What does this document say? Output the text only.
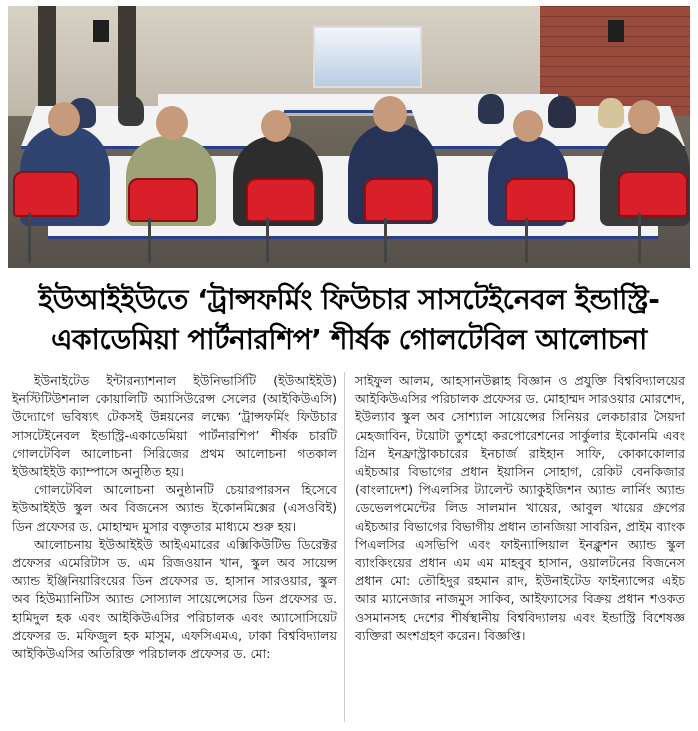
ইউআইইউতে ‘ট্রান্সফর্মিং ফিউচার সাসটেইনেবল ইন্ডাস্ট্রি-
একাডেমিয়া পার্টনারশিপ’ শীর্ষক গোলটেবিল আলোচনা

ইউনাইটেড ইন্টারন্যাশনাল ইউনিভার্সিটি (ইউআইইউ) ইনস্টিটিউশনাল কোয়ালিটি অ্যাসিউরেন্স সেলের (আইকিউএসি) উদ্যোগে ভবিষ্যৎ টেকসই উন্নয়নের লক্ষ্যে ‘ট্রান্সফর্মিং ফিউচার সাসটেইনেবল ইন্ডাস্ট্রি-একাডেমিয়া পার্টনারশিপ’ শীর্ষক চারটি গোলটেবিল আলোচনা সিরিজের প্রথম আলোচনা গতকাল ইউআইইউ ক্যাম্পাসে অনুষ্ঠিত হয়।

গোলটেবিল আলোচনা অনুষ্ঠানটি চেয়ারপারসন হিসেবে ইউআইইউ স্কুল অব বিজনেস অ্যান্ড ইকোনমিক্সের (এসওবিই) ডিন প্রফেসর ড. মোহাম্মদ মুসার বক্তৃতার মাধ্যমে শুরু হয়।

আলোচনায় ইউআইইউ আইএমারের এক্সিকিউটিভ ডিরেক্টর প্রফেসর এমেরিটাস ড. এম রিজওয়ান খান, স্কুল অব সায়েন্স অ্যান্ড ইঞ্জিনিয়ারিংয়ের ডিন প্রফেসর ড. হাসান সারওয়ার, স্কুল অব হিউম্যানিটিস অ্যান্ড সোস্যাল সায়েন্সেসের ডিন প্রফেসর ড. হামিদুল হক এবং আইকিউএসির পরিচালক এবং অ্যাসোসিয়েট প্রফেসর ড. মফিজুল হক মাসুম, এফসিএমএ, ঢাকা বিশ্ববিদ্যালয় আইকিউএসির অতিরিক্ত পরিচালক প্রফেসর ড. মো:

সাইফুল আলম, আহসানউল্লাহ বিজ্ঞান ও প্রযুক্তি বিশ্ববিদ্যালয়ের আইকিউএসির পরিচালক প্রফেসর ড. মোহাম্মদ সারওয়ার মোরশেদ, ইউল্যাব স্কুল অব সোশ্যাল সায়েন্সের সিনিয়র লেকচারার সৈয়দা মেহজাবিন, টয়োটা তুশহো করপোরেশনের সার্কুলার ইকোনমি এবং গ্রিন ইনফ্রাস্ট্রাকচারের ইনচার্জ রাইহান সাফি, কোকাকোলার এইচআর বিভাগের প্রধান ইয়াসিন সোহাগ, রেকিট বেনকিজার (বাংলাদেশ) পিএলসির ট্যালেন্ট অ্যাকুইজিশন অ্যান্ড লার্নিং অ্যান্ড ডেভেলপমেন্টের লিড সালমান খায়ের, আবুল খায়ের গ্রুপের এইচআর বিভাগের বিভাগীয় প্রধান তানজিয়া সাবরিন, প্রাইম ব্যাংক পিএলসির এসভিপি এবং ফাইন্যান্সিয়াল ইনক্লুশন অ্যান্ড স্কুল ব্যাংকিংয়ের প্রধান এম এম মাহবুব হাসান, ওয়ালটনের বিজনেস প্রধান মো: তৌহিদুর রহমান রাদ, ইউনাইটেড ফাইন্যান্সের এইচ আর ম্যানেজার নাজমুস সাকিব, আইফ্যাসের বিক্রয় প্রধান শওকত ওসমানসহ দেশের শীর্ষস্থানীয় বিশ্ববিদ্যালয় এবং ইন্ডাস্ট্রি বিশেষজ্ঞ ব্যক্তিরা অংশগ্রহণ করেন। বিজ্ঞপ্তি।
